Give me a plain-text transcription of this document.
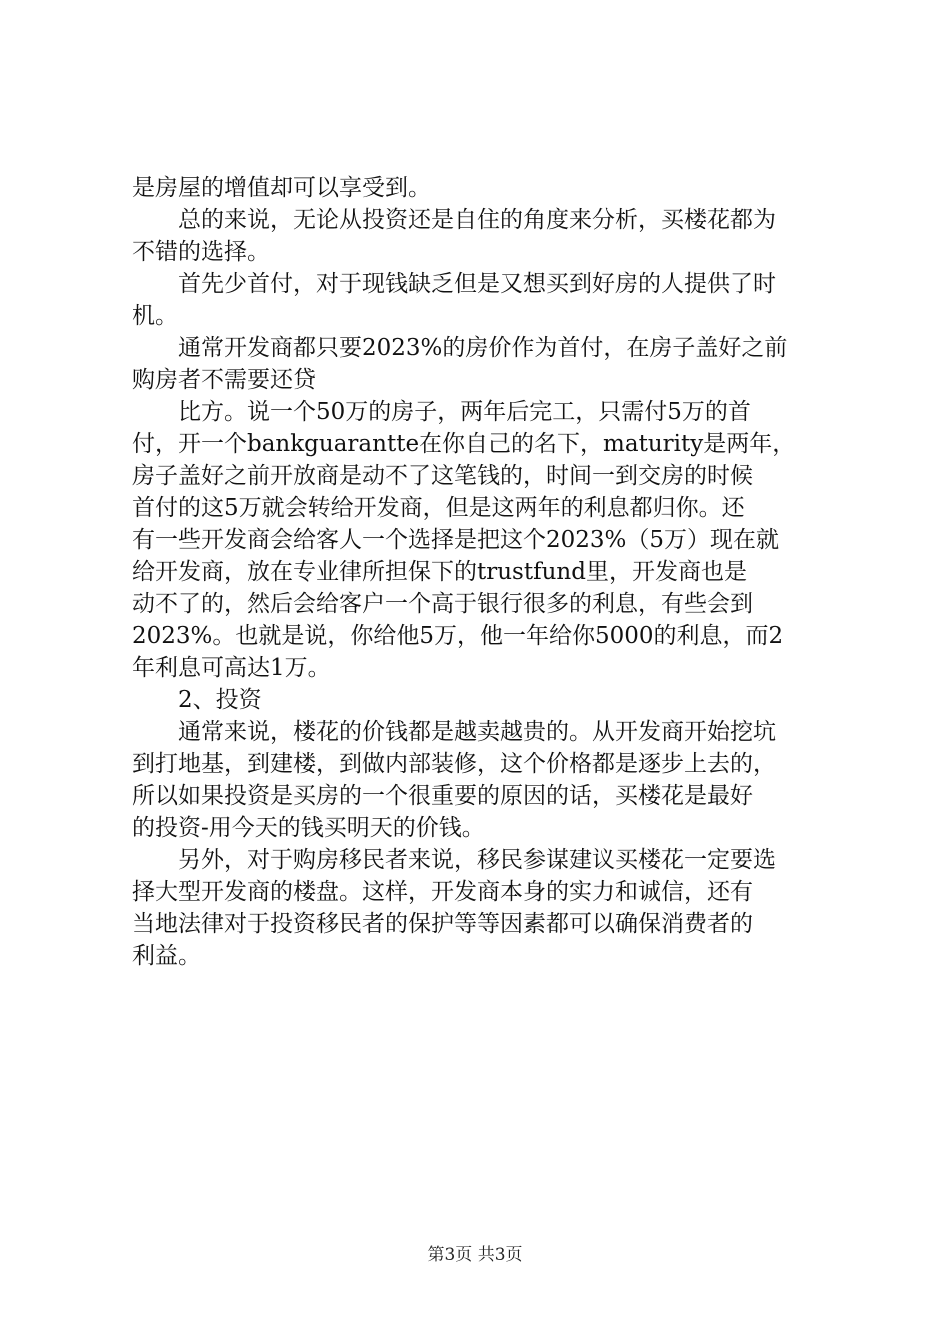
是房屋的增值却可以享受到。
总的来说，无论从投资还是自住的角度来分析，买楼花都为
不错的选择。
首先少首付，对于现钱缺乏但是又想买到好房的人提供了时
机。
通常开发商都只要2023%的房价作为首付，在房子盖好之前
购房者不需要还贷
比方。说一个50万的房子，两年后完工，只需付5万的首
付，开一个bankguarantte在你自己的名下，maturity是两年，
房子盖好之前开放商是动不了这笔钱的，时间一到交房的时候
首付的这5万就会转给开发商，但是这两年的利息都归你。还
有一些开发商会给客人一个选择是把这个2023%（5万）现在就
给开发商，放在专业律所担保下的trustfund里，开发商也是
动不了的，然后会给客户一个高于银行很多的利息，有些会到
2023%。也就是说，你给他5万，他一年给你5000的利息，而2
年利息可高达1万。
2、投资
通常来说，楼花的价钱都是越卖越贵的。从开发商开始挖坑
到打地基，到建楼，到做内部装修，这个价格都是逐步上去的，
所以如果投资是买房的一个很重要的原因的话，买楼花是最好
的投资-用今天的钱买明天的价钱。
另外，对于购房移民者来说，移民参谋建议买楼花一定要选
择大型开发商的楼盘。这样，开发商本身的实力和诚信，还有
当地法律对于投资移民者的保护等等因素都可以确保消费者的
利益。
第3页 共3页
